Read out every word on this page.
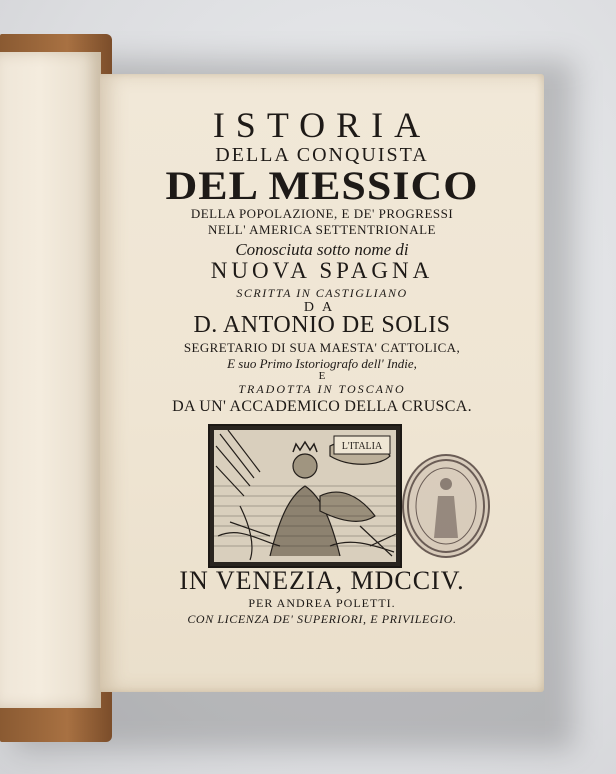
ISTORIA
DELLA CONQUISTA
DEL MESSICO
DELLA POPOLAZIONE, E DE' PROGRESSI
NELL' AMERICA SETTENTRIONALE
Conosciuta sotto nome di
NUOVA SPAGNA
SCRITTA IN CASTIGLIANO
DA
D. ANTONIO DE SOLIS
SEGRETARIO DI SUA MAESTA' CATTOLICA,
E suo Primo Istoriografo dell' Indie,
E
TRADOTTA IN TOSCANO
DA UN' ACCADEMICO DELLA CRUSCA.
L'ITALIA
IN VENEZIA, MDCCIV.
PER ANDREA POLETTI.
CON LICENZA DE' SUPERIORI, E PRIVILEGIO.
